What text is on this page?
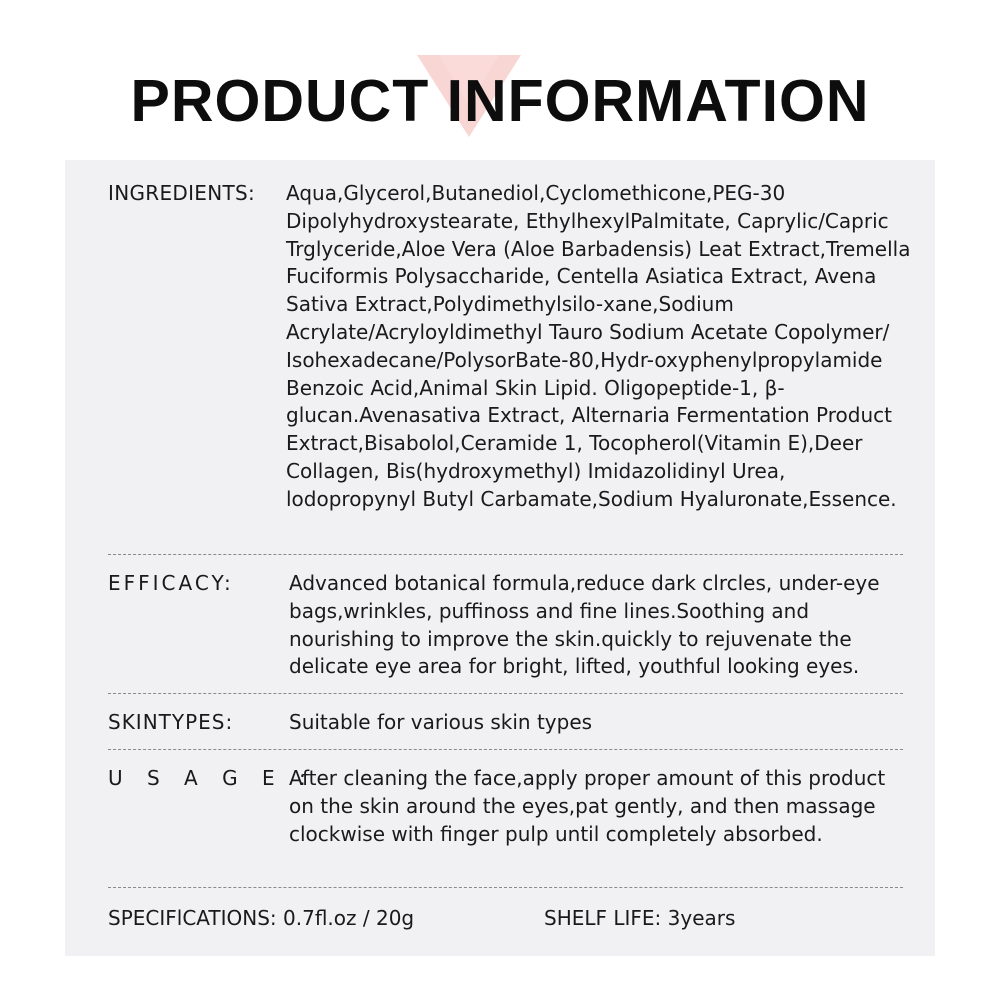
PRODUCT INFORMATION
INGREDIENTS: Aqua,Glycerol,Butanediol,Cyclomethicone,PEG-30 Dipolyhydroxystearate, EthylhexylPalmitate, Caprylic/Capric Trglyceride,Aloe Vera (Aloe Barbadensis) Leat Extract,Tremella Fuciformis Polysaccharide, Centella Asiatica Extract, Avena Sativa Extract,Polydimethylsilo-xane,Sodium Acrylate/Acryloyldimethyl Tauro Sodium Acetate Copolymer/ Isohexadecane/PolysorBate-80,Hydr-oxyphenylpropylamide Benzoic Acid,Animal Skin Lipid. Oligopeptide-1, β-glucan.Avenasativa Extract, Alternaria Fermentation Product Extract,Bisabolol,Ceramide 1, Tocopherol(Vitamin E),Deer Collagen, Bis(hydroxymethyl) Imidazolidinyl Urea, lodopropynyl Butyl Carbamate,Sodium Hyaluronate,Essence.
EFFICACY:	Advanced botanical formula,reduce dark clrcles, under-eye bags,wrinkles, puffinoss and fine lines.Soothing and nourishing to improve the skin.quickly to rejuvenate the delicate eye area for bright, lifted, youthful looking eyes.
SKINTYPES:	Suitable for various skin types
U S A G E :
After cleaning the face,apply proper amount of this product on the skin around the eyes,pat gently, and then massage clockwise with finger pulp until completely absorbed.
SPECIFlCATIONS: 0.7fl.oz / 20g	SHELF LIFE: 3years
